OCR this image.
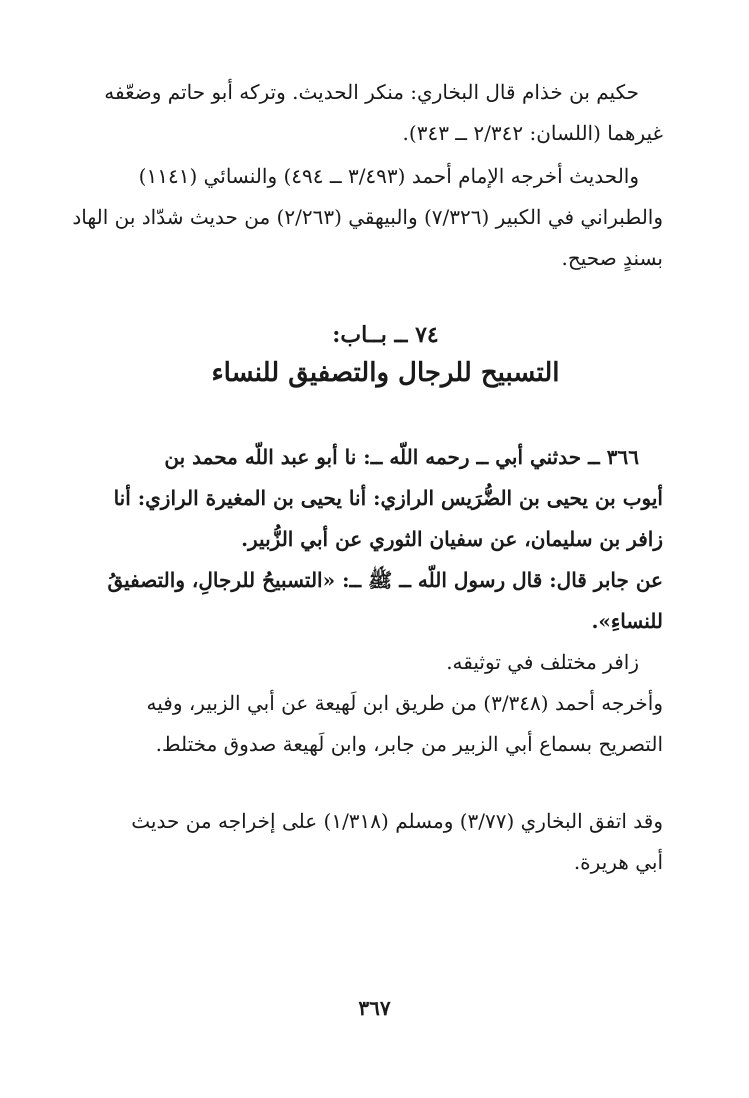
حكيم بن خذام قال البخاري: منكر الحديث. وتركه أبو حاتم وضعّفه
غيرهما (اللسان: ٢/٣٤٢ ــ ٣٤٣).

والحديث أخرجه الإمام أحمد (٣/٤٩٣ ــ ٤٩٤) والنسائي (١١٤١)
والطبراني في الكبير (٧/٣٢٦) والبيهقي (٢/٢٦٣) من حديث شدّاد بن الهاد
بسندٍ صحيح.

٧٤ ــ بــاب:
التسبيح للرجال والتصفيق للنساء

٣٦٦ ــ حدثني أبي ــ رحمه اللّه ــ: نا أبو عبد اللّه محمد بن
أيوب بن يحيى بن الضُّرَيس الرازي: أنا يحيى بن المغيرة الرازي: أنا
زافر بن سليمان، عن سفيان الثوري عن أبي الزُّبير.

عن جابر قال: قال رسول اللّه ــ ﷺ ــ: «التسبيحُ للرجالِ، والتصفيقُ
للنساءِ».

زافر مختلف في توثيقه.

وأخرجه أحمد (٣/٣٤٨) من طريق ابن لَهيعة عن أبي الزبير، وفيه
التصريح بسماع أبي الزبير من جابر، وابن لَهيعة صدوق مختلط.

وقد اتفق البخاري (٣/٧٧) ومسلم (١/٣١٨) على إخراجه من حديث
أبي هريرة.

٣٦٧
